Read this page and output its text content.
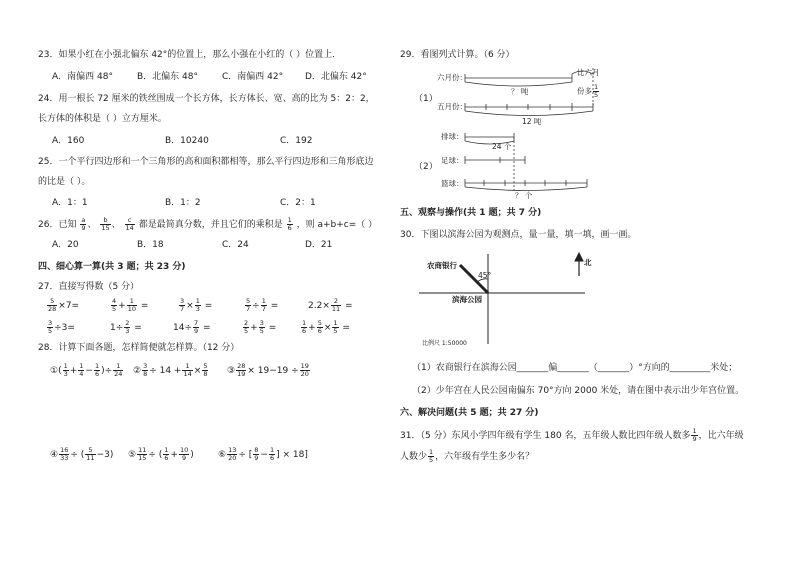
23．如果小红在小强北偏东 42°的位置上，那么小强在小红的（ ）位置上．
A．南偏西 48°	B．北偏东 48°	C．南偏西 42° D．北偏东 42°
24．用一根长 72 厘米的铁丝围成一个长方体，长方体长、宽、高的比为 5：2：2，
长方体的体积是（ ）立方厘米。
A．160	B．10240	C．192
25．一个平行四边形和一个三角形的高和面积都相等，那么平行四边形和三角形底边
的比是（ ）。
A．1：1	B．1：2	C．2：1
26．已知 $\frac{a}{9}$ 、 $\frac{b}{15}$ 、 $\frac{c}{14}$ 都是最简真分数，并且它们的乘积是 $\frac{1}{6}$ ，则 a+b+c=（ ）
A．20	B．18	C．24	D．21
四、细心算一算(共 3 题；共 23 分)
27．直接写得数（5 分）
$\frac{5}{28} \times 7=$	$\frac{4}{5} + \frac{1}{10}$ =	$\frac{3}{7} \times \frac{1}{3}$ =	$\frac{5}{7} \div \frac{1}{7}$ =	$2.2\times \frac{2}{11}$ =
$\frac{3}{5} \div 3=$	$1\div \frac{2}{3}$ =	$14\div \frac{7}{9}$ =	$\frac{2}{5} + \frac{3}{5}$ =	$\frac{1}{6} + \frac{5}{6} \times \frac{1}{5}$ =
28．计算下面各题，怎样简便就怎样算。（12 分）
①( $\frac{1}{3} + \frac{1}{4} - \frac{1}{6}$ )÷ $\frac{1}{24}$ ② $\frac{3}{8} \div 14 + \frac{1}{14} \times \frac{5}{8}$ ③ $\frac{28}{19} \times 19-19 \div \frac{19}{20}$
④ $\frac{16}{33}$ ÷ ( $\frac{5}{11} -3$) ⑤ $\frac{11}{15}$ ÷ ( $\frac{1}{6} + \frac{10}{9}$ )	⑥ $\frac{13}{20}$ ÷ [ $\frac{8}{9} - \frac{1}{6}$ ] × 18]
29．看图列式计算。（6 分）
（1）
六月份：
五月份：
？ 吨
比六月
份多 $\frac{1}{5}$
12 吨
（2）
排球：
足球：
篮球：
24 个
？ 个
五、观察与操作(共 1 题；共 7 分)
30．下图以滨海公园为观测点，量一量，填一填，画一画。
农商银行
45°
滨海公园
北
比例尺 1:50000
（1）农商银行在滨海公园_______偏_______（_______）°方向的_________米处；
（2）少年宫在人民公园南偏东 70°方向 2000 米处，请在图中表示出少年宫位置。
六、解决问题(共 5 题；共 27 分)
31．（5 分）东风小学四年级有学生 180 名，五年级人数比四年级人数多 $\frac{1}{9}$ ，比六年级
人数少 $\frac{1}{5}$ ，六年级有学生多少名？
